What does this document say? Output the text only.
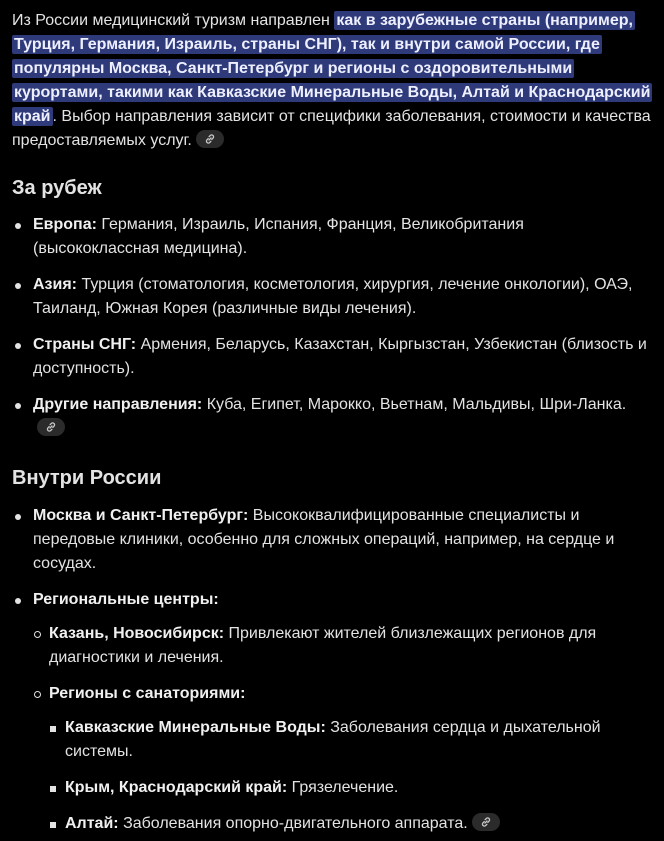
Из России медицинский туризм направлен как в зарубежные страны (например, Турция, Германия, Израиль, страны СНГ), так и внутри самой России, где популярны Москва, Санкт-Петербург и регионы с оздоровительными курортами, такими как Кавказские Минеральные Воды, Алтай и Краснодарский край . Выбор направления зависит от специфики заболевания, стоимости и качества предоставляемых услуг.

За рубеж
Европа: Германия, Израиль, Испания, Франция, Великобритания (высококлассная медицина).
Азия: Турция (стоматология, косметология, хирургия, лечение онкологии), ОАЭ, Таиланд, Южная Корея (различные виды лечения).
Страны СНГ: Армения, Беларусь, Казахстан, Кыргызстан, Узбекистан (близость и доступность).
Другие направления: Куба, Египет, Марокко, Вьетнам, Мальдивы, Шри-Ланка.
Внутри России
Москва и Санкт-Петербург: Высококвалифицированные специалисты и передовые клиники, особенно для сложных операций, например, на сердце и сосудах.
Региональные центры:
Казань, Новосибирск: Привлекают жителей близлежащих регионов для диагностики и лечения.
Регионы с санаториями:
Кавказские Минеральные Воды: Заболевания сердца и дыхательной системы.
Крым, Краснодарский край: Грязелечение.
Алтай: Заболевания опорно-двигательного аппарата.
